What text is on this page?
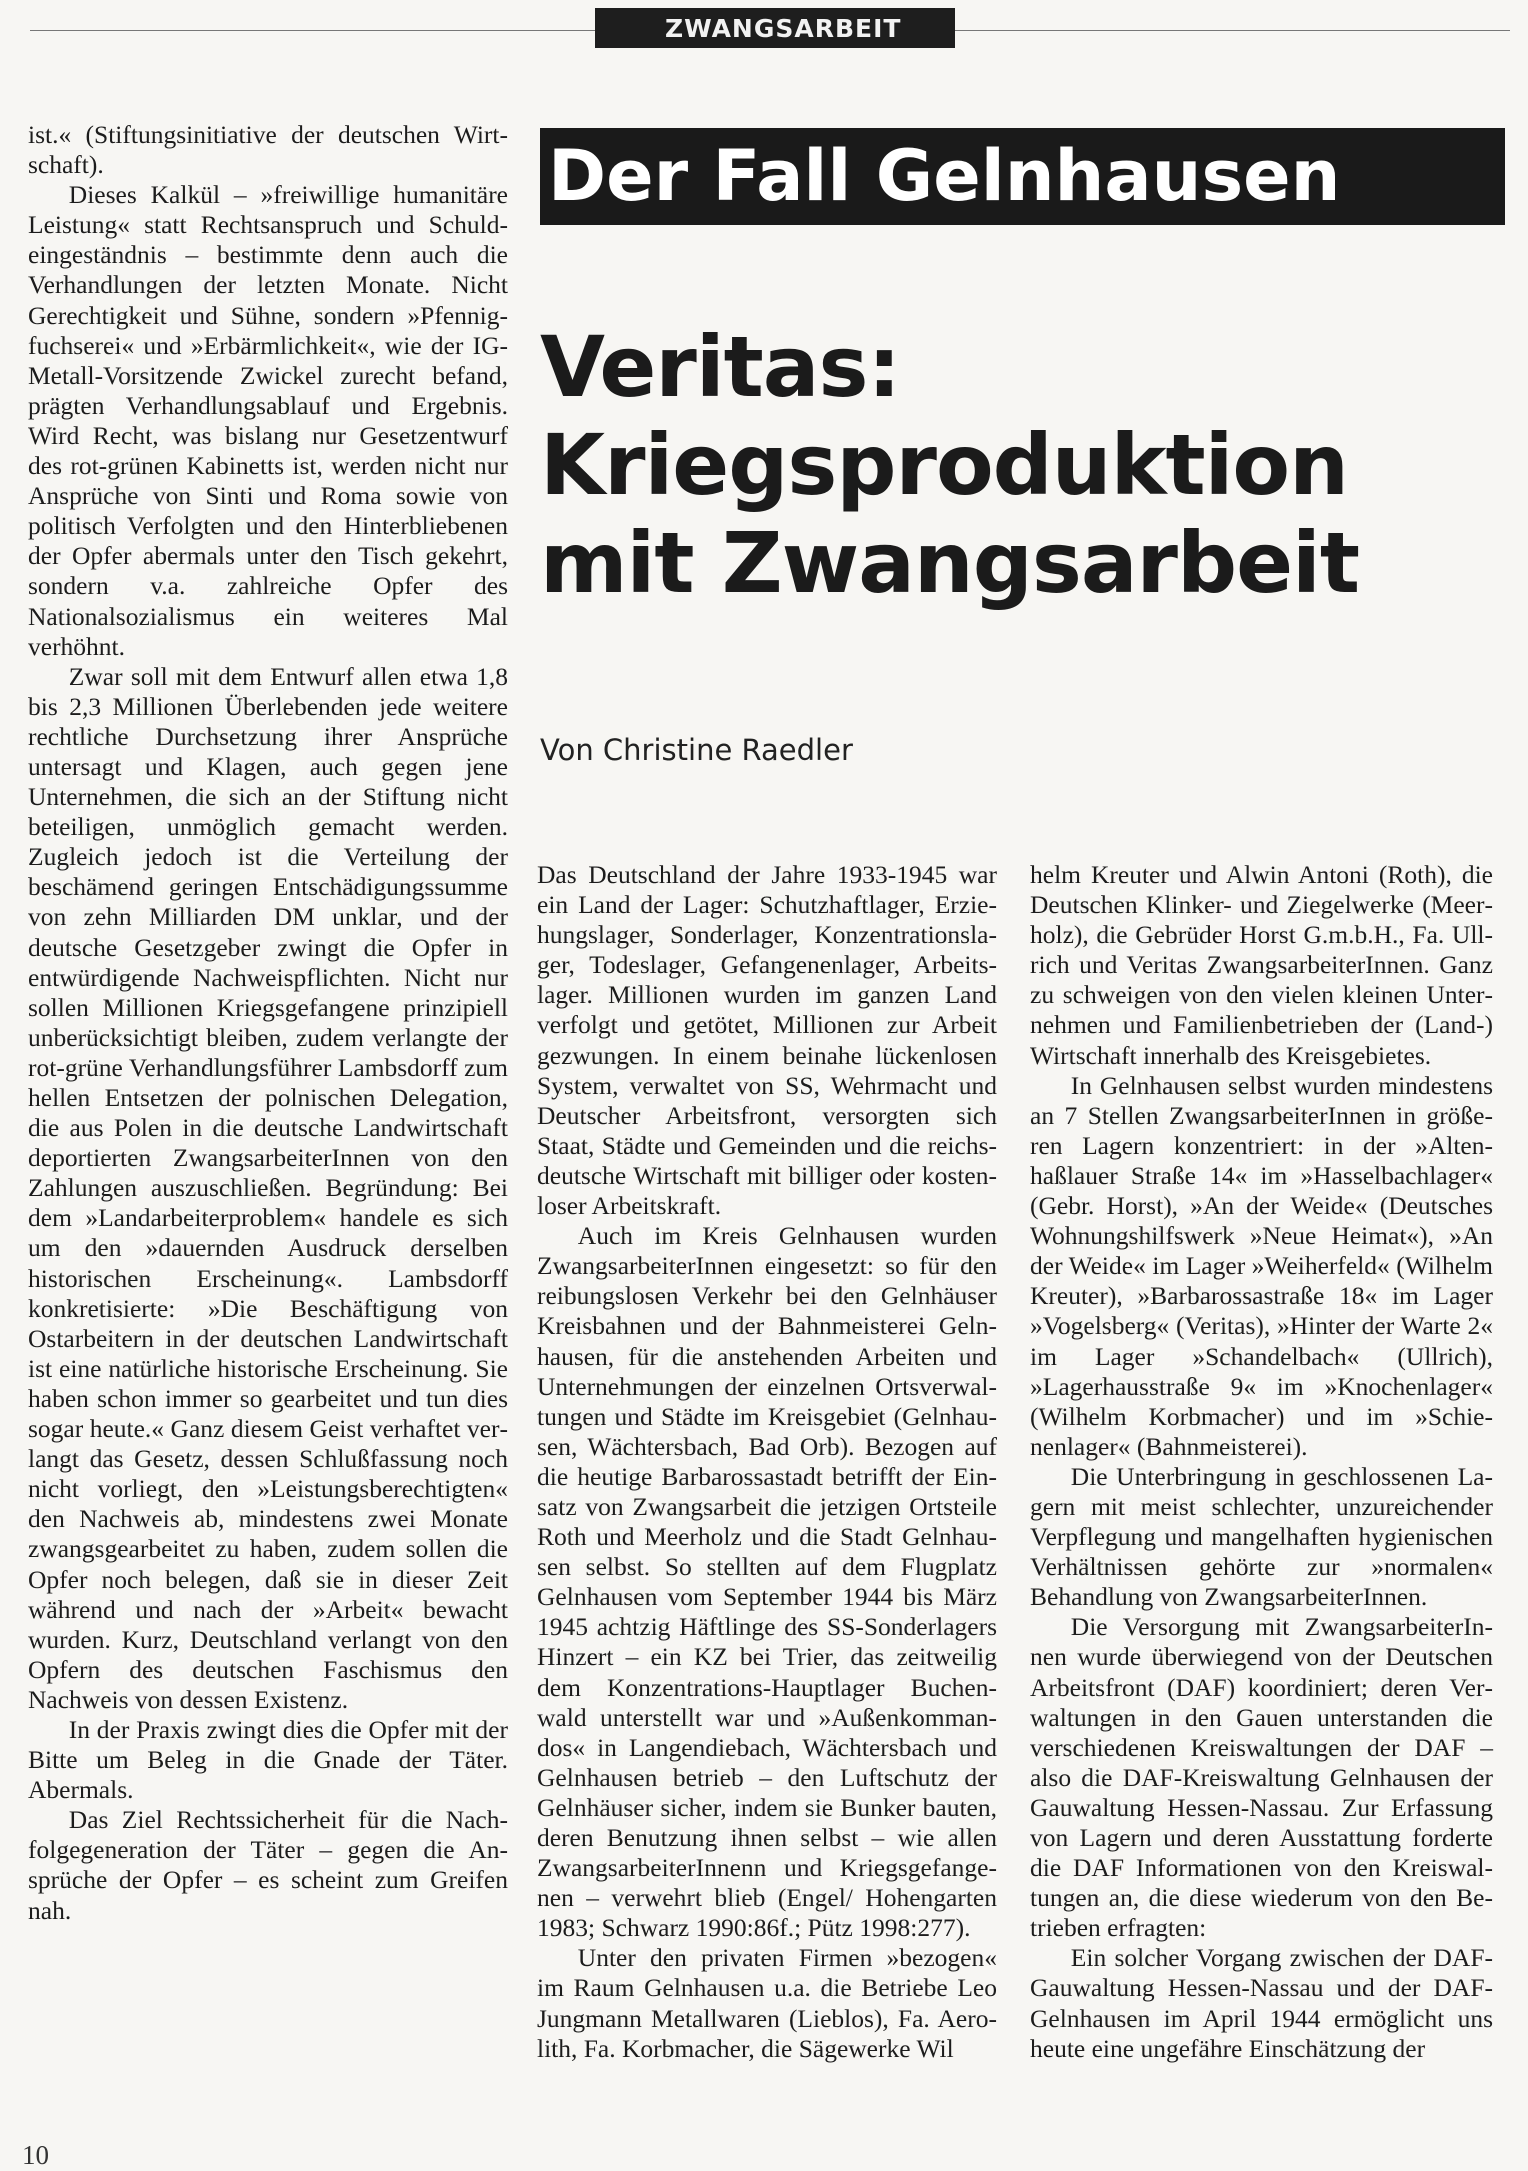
ZWANGSARBEIT

ist.« (Stiftungsinitiative der deutschen Wirtschaft).

Dieses Kalkül – »freiwillige humanitäre Leistung« statt Rechtsanspruch und Schuldeingeständnis – bestimmte denn auch die Verhandlungen der letzten Monate. Nicht Gerechtigkeit und Sühne, sondern »Pfennigfuchserei« und »Erbärmlichkeit«, wie der IG-Metall-Vorsitzende Zwickel zurecht befand, prägten Verhandlungsablauf und Ergebnis. Wird Recht, was bislang nur Gesetzentwurf des rot-grünen Kabinetts ist, werden nicht nur Ansprüche von Sinti und Roma sowie von politisch Verfolgten und den Hinterbliebenen der Opfer abermals unter den Tisch gekehrt, sondern v.a. zahlreiche Opfer des Nationalsozialismus ein weiteres Mal verhöhnt.

Zwar soll mit dem Entwurf allen etwa 1,8 bis 2,3 Millionen Überlebenden jede weitere rechtliche Durchsetzung ihrer Ansprüche untersagt und Klagen, auch gegen jene Unternehmen, die sich an der Stiftung nicht beteiligen, unmöglich gemacht werden. Zugleich jedoch ist die Verteilung der beschämend geringen Entschädigungssumme von zehn Milliarden DM unklar, und der deutsche Gesetzgeber zwingt die Opfer in entwürdigende Nachweispflichten. Nicht nur sollen Millionen Kriegsgefangene prinzipiell unberücksichtigt bleiben, zudem verlangte der rot-grüne Verhandlungsführer Lambsdorff zum hellen Entsetzen der polnischen Delegation, die aus Polen in die deutsche Landwirtschaft deportierten ZwangsarbeiterInnen von den Zahlungen auszuschließen. Begründung: Bei dem »Landarbeiterproblem« handele es sich um den »dauernden Ausdruck derselben historischen Erscheinung«. Lambsdorff konkretisierte: »Die Beschäftigung von Ostarbeitern in der deutschen Landwirtschaft ist eine natürliche historische Erscheinung. Sie haben schon immer so gearbeitet und tun dies sogar heute.« Ganz diesem Geist verhaftet verlangt das Gesetz, dessen Schlußfassung noch nicht vorliegt, den »Leistungsberechtigten« den Nachweis ab, mindestens zwei Monate zwangsgearbeitet zu haben, zudem sollen die Opfer noch belegen, daß sie in dieser Zeit während und nach der »Arbeit« bewacht wurden. Kurz, Deutschland verlangt von den Opfern des deutschen Faschismus den Nachweis von dessen Existenz.

In der Praxis zwingt dies die Opfer mit der Bitte um Beleg in die Gnade der Täter. Abermals.

Das Ziel Rechtssicherheit für die Nachfolgegeneration der Täter – gegen die Ansprüche der Opfer – es scheint zum Greifen nah.

Der Fall Gelnhausen
Veritas:
Kriegsproduktion
mit Zwangsarbeit
Von Christine Raedler

Das Deutschland der Jahre 1933-1945 war ein Land der Lager: Schutzhaftlager, Erziehungslager, Sonderlager, Konzentrationslager, Todeslager, Gefangenenlager, Arbeitslager. Millionen wurden im ganzen Land verfolgt und getötet, Millionen zur Arbeit gezwungen. In einem beinahe lückenlosen System, verwaltet von SS, Wehrmacht und Deutscher Arbeitsfront, versorgten sich Staat, Städte und Gemeinden und die reichsdeutsche Wirtschaft mit billiger oder kostenloser Arbeitskraft.

Auch im Kreis Gelnhausen wurden ZwangsarbeiterInnen eingesetzt: so für den reibungslosen Verkehr bei den Gelnhäuser Kreisbahnen und der Bahnmeisterei Gelnhausen, für die anstehenden Arbeiten und Unternehmungen der einzelnen Ortsverwaltungen und Städte im Kreisgebiet (Gelnhausen, Wächtersbach, Bad Orb). Bezogen auf die heutige Barbarossastadt betrifft der Einsatz von Zwangsarbeit die jetzigen Ortsteile Roth und Meerholz und die Stadt Gelnhausen selbst. So stellten auf dem Flugplatz Gelnhausen vom September 1944 bis März 1945 achtzig Häftlinge des SS-Sonderlagers Hinzert – ein KZ bei Trier, das zeitweilig dem Konzentrations-Hauptlager Buchenwald unterstellt war und »Außenkommandos« in Langendiebach, Wächtersbach und Gelnhausen betrieb – den Luftschutz der Gelnhäuser sicher, indem sie Bunker bauten, deren Benutzung ihnen selbst – wie allen ZwangsarbeiterInnenn und Kriegsgefangenen – verwehrt blieb (Engel/ Hohengarten 1983; Schwarz 1990:86f.; Pütz 1998:277).

Unter den privaten Firmen »bezogen« im Raum Gelnhausen u.a. die Betriebe Leo Jungmann Metallwaren (Lieblos), Fa. Aerolith, Fa. Korbmacher, die Sägewerke Wil

helm Kreuter und Alwin Antoni (Roth), die Deutschen Klinker- und Ziegelwerke (Meerholz), die Gebrüder Horst G.m.b.H., Fa. Ullrich und Veritas ZwangsarbeiterInnen. Ganz zu schweigen von den vielen kleinen Unternehmen und Familienbetrieben der (Land-) Wirtschaft innerhalb des Kreisgebietes.

In Gelnhausen selbst wurden mindestens an 7 Stellen ZwangsarbeiterInnen in größeren Lagern konzentriert: in der »Altenhaßlauer Straße 14« im »Hasselbachlager« (Gebr. Horst), »An der Weide« (Deutsches Wohnungshilfswerk »Neue Heimat«), »An der Weide« im Lager »Weiherfeld« (Wilhelm Kreuter), »Barbarossastraße 18« im Lager »Vogelsberg« (Veritas), »Hinter der Warte 2« im Lager »Schandelbach« (Ullrich), »Lagerhausstraße 9« im »Knochenlager« (Wilhelm Korbmacher) und im »Schienenlager« (Bahnmeisterei).

Die Unterbringung in geschlossenen Lagern mit meist schlechter, unzureichender Verpflegung und mangelhaften hygienischen Verhältnissen gehörte zur »normalen« Behandlung von ZwangsarbeiterInnen.

Die Versorgung mit ZwangsarbeiterInnen wurde überwiegend von der Deutschen Arbeitsfront (DAF) koordiniert; deren Verwaltungen in den Gauen unterstanden die verschiedenen Kreiswaltungen der DAF – also die DAF-Kreiswaltung Gelnhausen der Gauwaltung Hessen-Nassau. Zur Erfassung von Lagern und deren Ausstattung forderte die DAF Informationen von den Kreiswaltungen an, die diese wiederum von den Betrieben erfragten:

Ein solcher Vorgang zwischen der DAF-Gauwaltung Hessen-Nassau und der DAF-Gelnhausen im April 1944 ermöglicht uns heute eine ungefähre Einschätzung der

10
